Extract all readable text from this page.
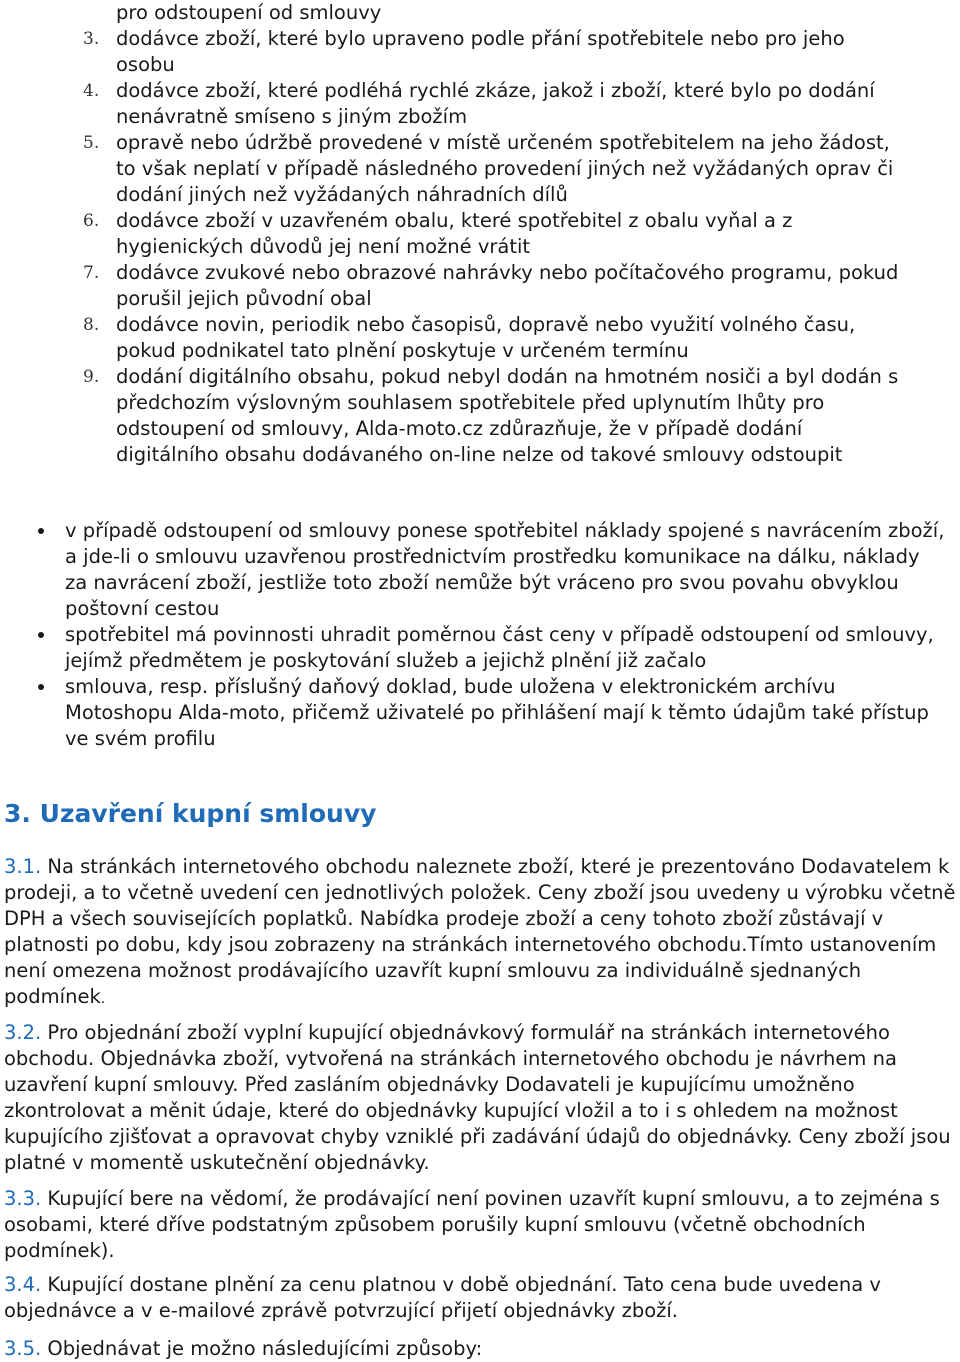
pro odstoupení od smlouvy
3. dodávce zboží, které bylo upraveno podle přání spotřebitele nebo pro jeho osobu
4. dodávce zboží, které podléhá rychlé zkáze, jakož i zboží, které bylo po dodání nenávratně smíseno s jiným zbožím
5. opravě nebo údržbě provedené v místě určeném spotřebitelem na jeho žádost, to však neplatí v případě následného provedení jiných než vyžádaných oprav či dodání jiných než vyžádaných náhradních dílů
6. dodávce zboží v uzavřeném obalu, které spotřebitel z obalu vyňal a z hygienických důvodů jej není možné vrátit
7. dodávce zvukové nebo obrazové nahrávky nebo počítačového programu, pokud porušil jejich původní obal
8. dodávce novin, periodik nebo časopisů, dopravě nebo využití volného času, pokud podnikatel tato plnění poskytuje v určeném termínu
9. dodání digitálního obsahu, pokud nebyl dodán na hmotném nosiči a byl dodán s předchozím výslovným souhlasem spotřebitele před uplynutím lhůty pro odstoupení od smlouvy, Alda-moto.cz zdůrazňuje, že v případě dodání digitálního obsahu dodávaného on-line nelze od takové smlouvy odstoupit
v případě odstoupení od smlouvy ponese spotřebitel náklady spojené s navrácením zboží, a jde-li o smlouvu uzavřenou prostřednictvím prostředku komunikace na dálku, náklady za navrácení zboží, jestliže toto zboží nemůže být vráceno pro svou povahu obvyklou poštovní cestou
spotřebitel má povinnosti uhradit poměrnou část ceny v případě odstoupení od smlouvy, jejímž předmětem je poskytování služeb a jejichž plnění již začalo
smlouva, resp. příslušný daňový doklad, bude uložena v elektronickém archívu Motoshopu Alda-moto, přičemž uživatelé po přihlášení mají k těmto údajům také přístup ve svém profilu
3. Uzavření kupní smlouvy
3.1. Na stránkách internetového obchodu naleznete zboží, které je prezentováno Dodavatelem k prodeji, a to včetně uvedení cen jednotlivých položek. Ceny zboží jsou uvedeny u výrobku včetně DPH a všech souvisejících poplatků. Nabídka prodeje zboží a ceny tohoto zboží zůstávají v platnosti po dobu, kdy jsou zobrazeny na stránkách internetového obchodu.Tímto ustanovením není omezena možnost prodávajícího uzavřít kupní smlouvu za individuálně sjednaných podmínek.
3.2. Pro objednání zboží vyplní kupující objednávkový formulář na stránkách internetového obchodu. Objednávka zboží, vytvořená na stránkách internetového obchodu je návrhem na uzavření kupní smlouvy. Před zasláním objednávky Dodavateli je kupujícímu umožněno zkontrolovat a měnit údaje, které do objednávky kupující vložil a to i s ohledem na možnost kupujícího zjišťovat a opravovat chyby vzniklé při zadávání údajů do objednávky. Ceny zboží jsou platné v momentě uskutečnění objednávky.
3.3. Kupující bere na vědomí, že prodávající není povinen uzavřít kupní smlouvu, a to zejména s osobami, které dříve podstatným způsobem porušily kupní smlouvu (včetně obchodních podmínek).
3.4. Kupující dostane plnění za cenu platnou v době objednání. Tato cena bude uvedena v objednávce a v e-mailové zprávě potvrzující přijetí objednávky zboží.
3.5. Objednávat je možno následujícími způsoby:
